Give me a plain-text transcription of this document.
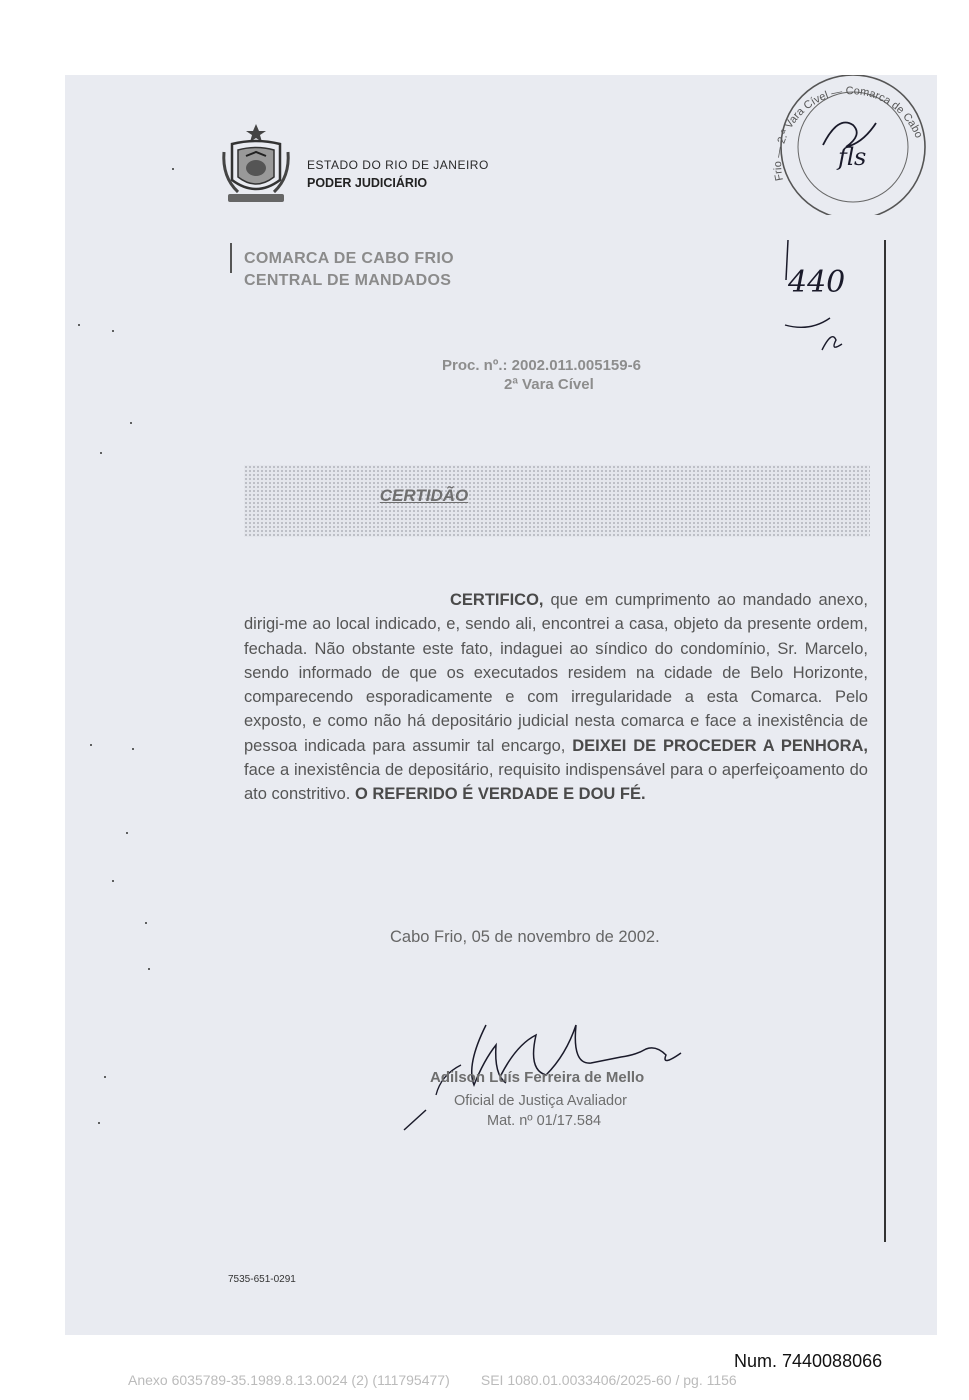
ESTADO DO RIO DE JANEIRO
PODER JUDICIÁRIO
COMARCA DE CABO FRIO
CENTRAL DE MANDADOS
Frio — 2.ª Vara Cível — Comarca de Cabo
fls
440
Proc. nº.: 2002.011.005159-6
2ª Vara Cível
CERTIDÃO
CERTIFICO, que em cumprimento ao mandado anexo, dirigi-me ao local indicado, e, sendo ali, encontrei a casa, objeto da presente ordem, fechada. Não obstante este fato, indaguei ao síndico do condomínio, Sr. Marcelo, sendo informado de que os executados residem na cidade de Belo Horizonte, comparecendo esporadicamente e com irregularidade a esta Comarca. Pelo exposto, e como não há depositário judicial nesta comarca e face a inexistência de pessoa indicada para assumir tal encargo, DEIXEI DE PROCEDER A PENHORA, face a inexistência de depositário, requisito indispensável para o aperfeiçoamento do ato constritivo. O REFERIDO É VERDADE E DOU FÉ.
Cabo Frio, 05 de novembro de 2002.
Adilson Luís Ferreira de Mello
Oficial de Justiça Avaliador
Mat. nº 01/17.584
7535-651-0291
Num. 7440088066
Anexo 6035789-35.1989.8.13.0024 (2) (111795477)        SEI 1080.01.0033406/2025-60 / pg. 1156
